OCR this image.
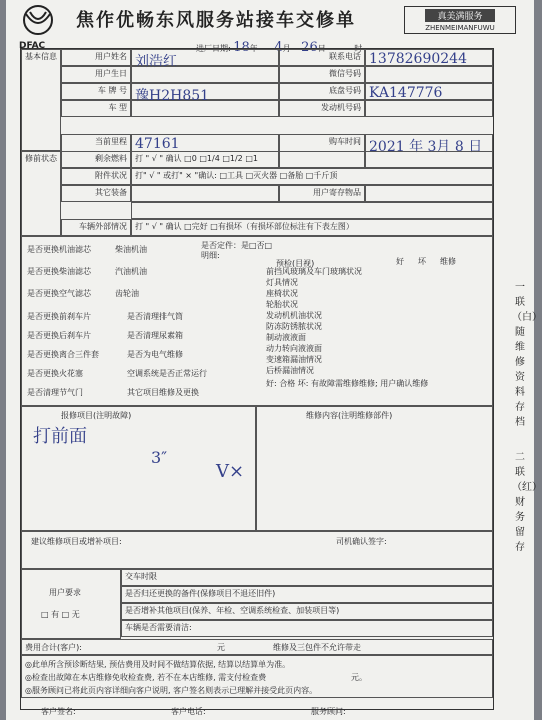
DFAC
焦作优畅东风服务站接车交修单	真美满服务
ZHENMEIMANFUWU
进厂日期: 18年 4月 26日	时
基本信息	用户姓名 刘浩红	联系电话 13782690244
用户生日	微信号码
车 牌 号 豫H2H851	底盘号码 KA147776
车 型	发动机号码
当前里程 47161	购车时间 2021 年 3月 8 日
修前状态	剩余燃料	打 " √ " 确认 □0 □1/4 □1/2 □1
附件状况	打" √ " 或打" × "确认: □工具 □灭火器 □备胎 □千斤顶
其它装备	用户寄存物品
车辆外部情况	打 " √ " 确认 □完好 □有损坏（有损坏部位标注有下表左图）
是否更换机油滤芯	柴油机油
是否更换柴油滤芯	汽油机油
是否更换空气滤芯	齿轮油
是否定件：是□否□
明细:
是否更换前刹车片	是否清理排气筒
是否更换后刹车片	是否清理尿素箱
是否更换离合三件套	是否为电气维修
是否更换火花塞	空调系统是否正常运行
是否清理节气门	其它项目维修及更换
预检(目视)	好 坏 维修
前挡风玻璃及车门玻璃状况
灯具情况
座椅状况
轮胎状况
发动机机油状况
防冻防锈脓状况
制动液液面
动力转向液液面
变速箱漏油情况
后桥漏油情况
好: 合格 坏: 有故障需维修维修; 用户确认维修
报修项目(注明故障)	维修内容(注明维修部件)
打前面
3″
V×
建议维修项目或增补项目:	司机确认签字:
用户要求
□ 有 □ 无
交车时限
是否归还更换的备件(保修项目不退还旧件)
是否增补其他项目(保养、年检、空调系统检查、加装项目等)
车辆是否需要清洁:
费用合计(客户):	元	维修及三包件不允许带走
◎此单所含预诊断结果, 预估费用及时间不做结算依据, 结算以结算单为准。
◎检查出故障在本店维修免收检查费, 若不在本店维修, 需支付检查费
◎服务顾问已将此页内容详细向客户说明, 客户签名则表示已理解并接受此页内容。
元。
客户签名:	客户电话:	服务顾问:
一联（白）随维修资料存档
二联（红）财务留存
